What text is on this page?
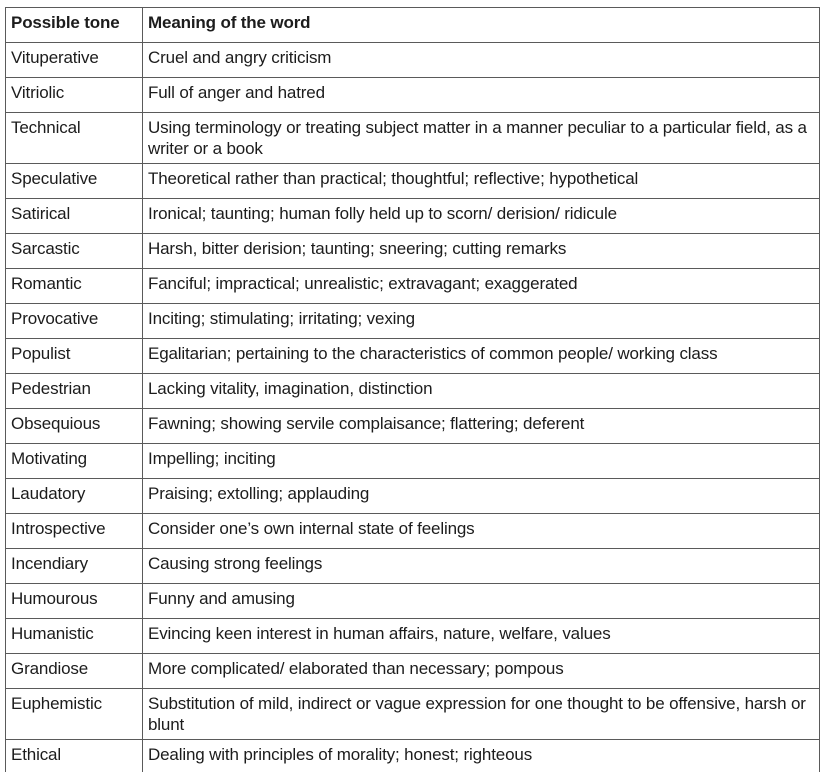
Possible tone	Meaning of the word
Vituperative	Cruel and angry criticism
Vitriolic	Full of anger and hatred
Technical	Using terminology or treating subject matter in a manner peculiar to a particular field, as a writer or a book
Speculative	Theoretical rather than practical; thoughtful; reflective; hypothetical
Satirical	Ironical; taunting; human folly held up to scorn/ derision/ ridicule
Sarcastic	Harsh, bitter derision; taunting; sneering; cutting remarks
Romantic	Fanciful; impractical; unrealistic; extravagant; exaggerated
Provocative	Inciting; stimulating; irritating; vexing
Populist	Egalitarian; pertaining to the characteristics of common people/ working class
Pedestrian	Lacking vitality, imagination, distinction
Obsequious	Fawning; showing servile complaisance; flattering; deferent
Motivating	Impelling; inciting
Laudatory	Praising; extolling; applauding
Introspective	Consider one’s own internal state of feelings
Incendiary	Causing strong feelings
Humourous	Funny and amusing
Humanistic	Evincing keen interest in human affairs, nature, welfare, values
Grandiose	More complicated/ elaborated than necessary; pompous
Euphemistic	Substitution of mild, indirect or vague expression for one thought to be offensive, harsh or blunt
Ethical	Dealing with principles of morality; honest; righteous
